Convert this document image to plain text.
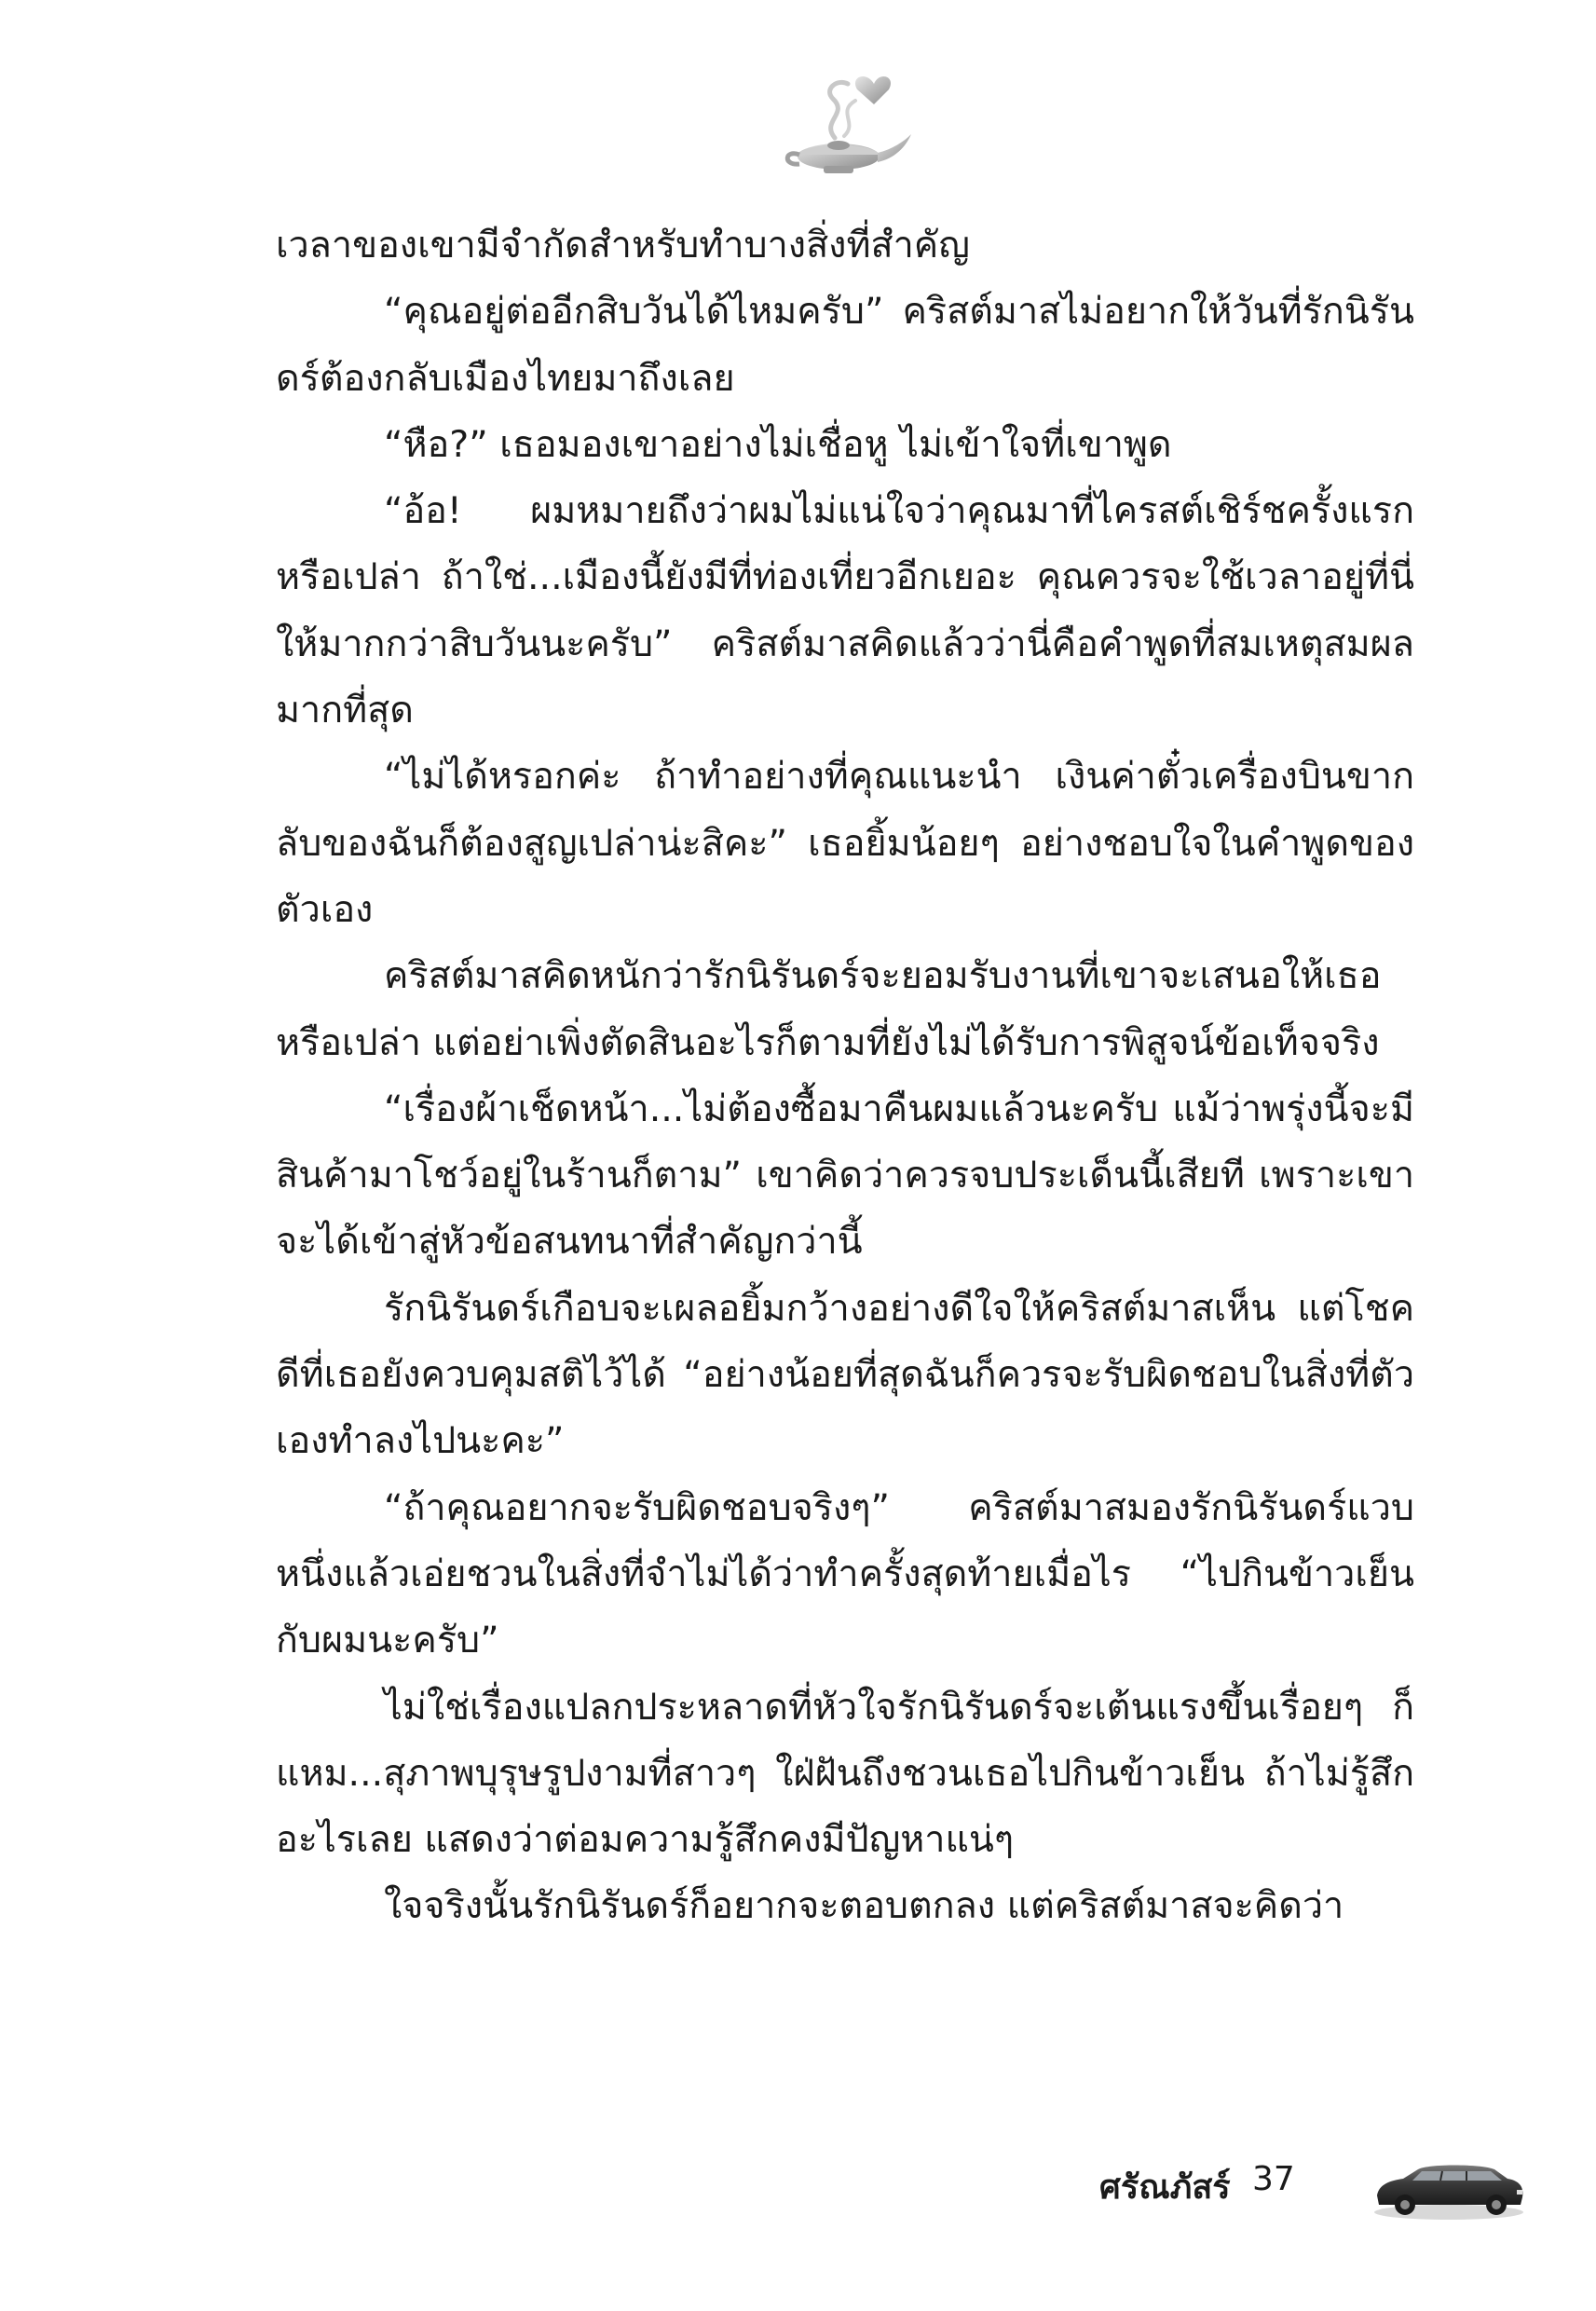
เวลาของเขามีจำกัดสำหรับทำบางสิ่งที่สำคัญ

“คุณอยู่ต่ออีกสิบวันได้ไหมครับ” คริสต์มาสไม่อยากให้วันที่รักนิรันดร์ต้องกลับเมืองไทยมาถึงเลย

“หือ?” เธอมองเขาอย่างไม่เชื่อหู ไม่เข้าใจที่เขาพูด

“อ้อ! ผมหมายถึงว่าผมไม่แน่ใจว่าคุณมาที่ไครสต์เชิร์ชครั้งแรกหรือเปล่า ถ้าใช่...เมืองนี้ยังมีที่ท่องเที่ยวอีกเยอะ คุณควรจะใช้เวลาอยู่ที่นี่ให้มากกว่าสิบวันนะครับ” คริสต์มาสคิดแล้วว่านี่คือคำพูดที่สมเหตุสมผลมากที่สุด

“ไม่ได้หรอกค่ะ ถ้าทำอย่างที่คุณแนะนำ เงินค่าตั๋วเครื่องบินขากลับของฉันก็ต้องสูญเปล่าน่ะสิคะ” เธอยิ้มน้อยๆ อย่างชอบใจในคำพูดของตัวเอง

คริสต์มาสคิดหนักว่ารักนิรันดร์จะยอมรับงานที่เขาจะเสนอให้เธอหรือเปล่า แต่อย่าเพิ่งตัดสินอะไรก็ตามที่ยังไม่ได้รับการพิสูจน์ข้อเท็จจริง

“เรื่องผ้าเช็ดหน้า...ไม่ต้องซื้อมาคืนผมแล้วนะครับ แม้ว่าพรุ่งนี้จะมีสินค้ามาโชว์อยู่ในร้านก็ตาม” เขาคิดว่าควรจบประเด็นนี้เสียที เพราะเขาจะได้เข้าสู่หัวข้อสนทนาที่สำคัญกว่านี้

รักนิรันดร์เกือบจะเผลอยิ้มกว้างอย่างดีใจให้คริสต์มาสเห็น แต่โชคดีที่เธอยังควบคุมสติไว้ได้ “อย่างน้อยที่สุดฉันก็ควรจะรับผิดชอบในสิ่งที่ตัวเองทำลงไปนะคะ”

“ถ้าคุณอยากจะรับผิดชอบจริงๆ” คริสต์มาสมองรักนิรันดร์แวบหนึ่งแล้วเอ่ยชวนในสิ่งที่จำไม่ได้ว่าทำครั้งสุดท้ายเมื่อไร “ไปกินข้าวเย็นกับผมนะครับ”

ไม่ใช่เรื่องแปลกประหลาดที่หัวใจรักนิรันดร์จะเต้นแรงขึ้นเรื่อยๆ ก็แหม...สุภาพบุรุษรูปงามที่สาวๆ ใฝ่ฝันถึงชวนเธอไปกินข้าวเย็น ถ้าไม่รู้สึกอะไรเลย แสดงว่าต่อมความรู้สึกคงมีปัญหาแน่ๆ

ใจจริงนั้นรักนิรันดร์ก็อยากจะตอบตกลง แต่คริสต์มาสจะคิดว่า

ศรัณภัสร์ 37
